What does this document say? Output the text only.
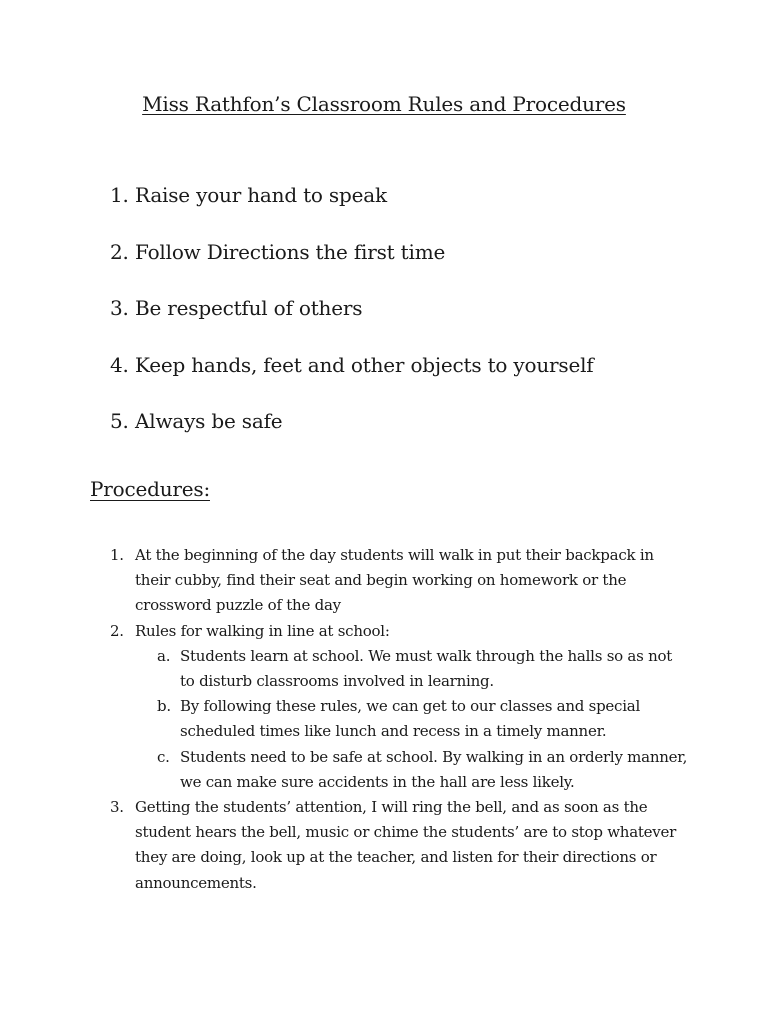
Miss Rathfon’s Classroom Rules and Procedures
1. Raise your hand to speak
2. Follow Directions the first time
3. Be respectful of others
4. Keep hands, feet and other objects to yourself
5. Always be safe
Procedures:
1. At the beginning of the day students will walk in put their backpack in their cubby, find their seat and begin working on homework or the crossword puzzle of the day
2. Rules for walking in line at school:
a. Students learn at school. We must walk through the halls so as not to disturb classrooms involved in learning.
b. By following these rules, we can get to our classes and special scheduled times like lunch and recess in a timely manner.
c. Students need to be safe at school. By walking in an orderly manner, we can make sure accidents in the hall are less likely.
3. Getting the students’ attention, I will ring the bell, and as soon as the student hears the bell, music or chime the students’ are to stop whatever they are doing, look up at the teacher, and listen for their directions or announcements.
